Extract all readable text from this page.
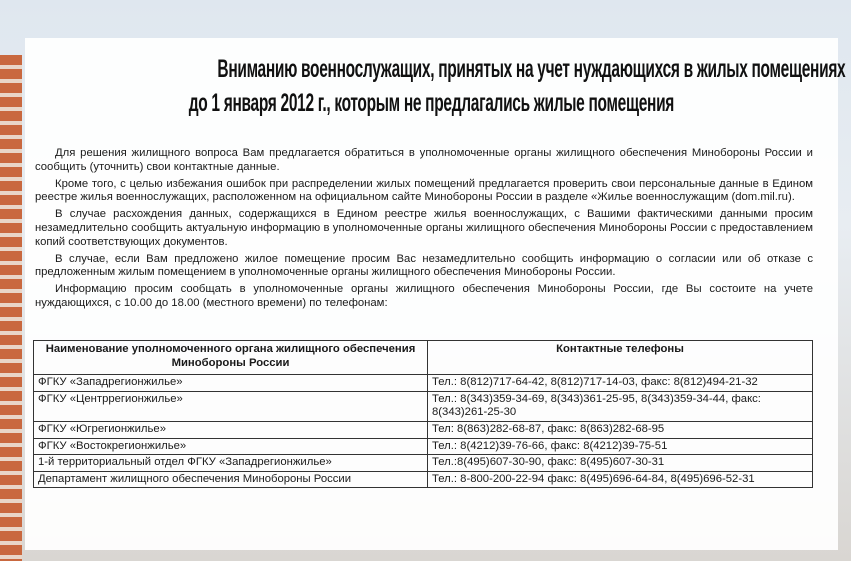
Вниманию военнослужащих, принятых на учет нуждающихся в жилых помещениях
до 1 января 2012 г., которым не предлагались жилые помещения

Для решения жилищного вопроса Вам предлагается обратиться в уполномоченные органы жилищного обеспечения Минобороны России и сообщить (уточнить) свои контактные данные.

Кроме того, с целью избежания ошибок при распределении жилых помещений предлагается проверить свои персональные данные в Едином реестре жилья военнослужащих, расположенном на официальном сайте Минобороны России в разделе «Жилье военнослужащим (dom.mil.ru).

В случае расхождения данных, содержащихся в Едином реестре жилья военнослужащих, с Вашими фактическими данными просим незамедлительно сообщить актуальную информацию в уполномоченные органы жилищного обеспечения Минобороны России с предоставлением копий соответствующих документов.

В случае, если Вам предложено жилое помещение просим Вас незамедлительно сообщить информацию о согласии или об отказе с предложенным жилым помещением в уполномоченные органы жилищного обеспечения Минобороны России.

Информацию просим сообщать в уполномоченные органы жилищного обеспечения Минобороны России, где Вы состоите на учете нуждающихся, с 10.00 до 18.00 (местного времени) по телефонам:

Наименование уполномоченного органа жилищного обеспечения Минобороны России	Контактные телефоны
ФГКУ «Западрегионжилье»	Тел.: 8(812)717-64-42, 8(812)717-14-03, факс: 8(812)494-21-32
ФГКУ «Центррегионжилье»	Тел.: 8(343)359-34-69, 8(343)361-25-95, 8(343)359-34-44, факс: 8(343)261-25-30
ФГКУ «Югрегионжилье»	Тел: 8(863)282-68-87, факс: 8(863)282-68-95
ФГКУ «Востокрегионжилье»	Тел.: 8(4212)39-76-66, факс: 8(4212)39-75-51
1-й территориальный отдел ФГКУ «Западрегионжилье»	Тел.:8(495)607-30-90, факс: 8(495)607-30-31
Департамент жилищного обеспечения Минобороны России	Тел.: 8-800-200-22-94 факс: 8(495)696-64-84, 8(495)696-52-31
